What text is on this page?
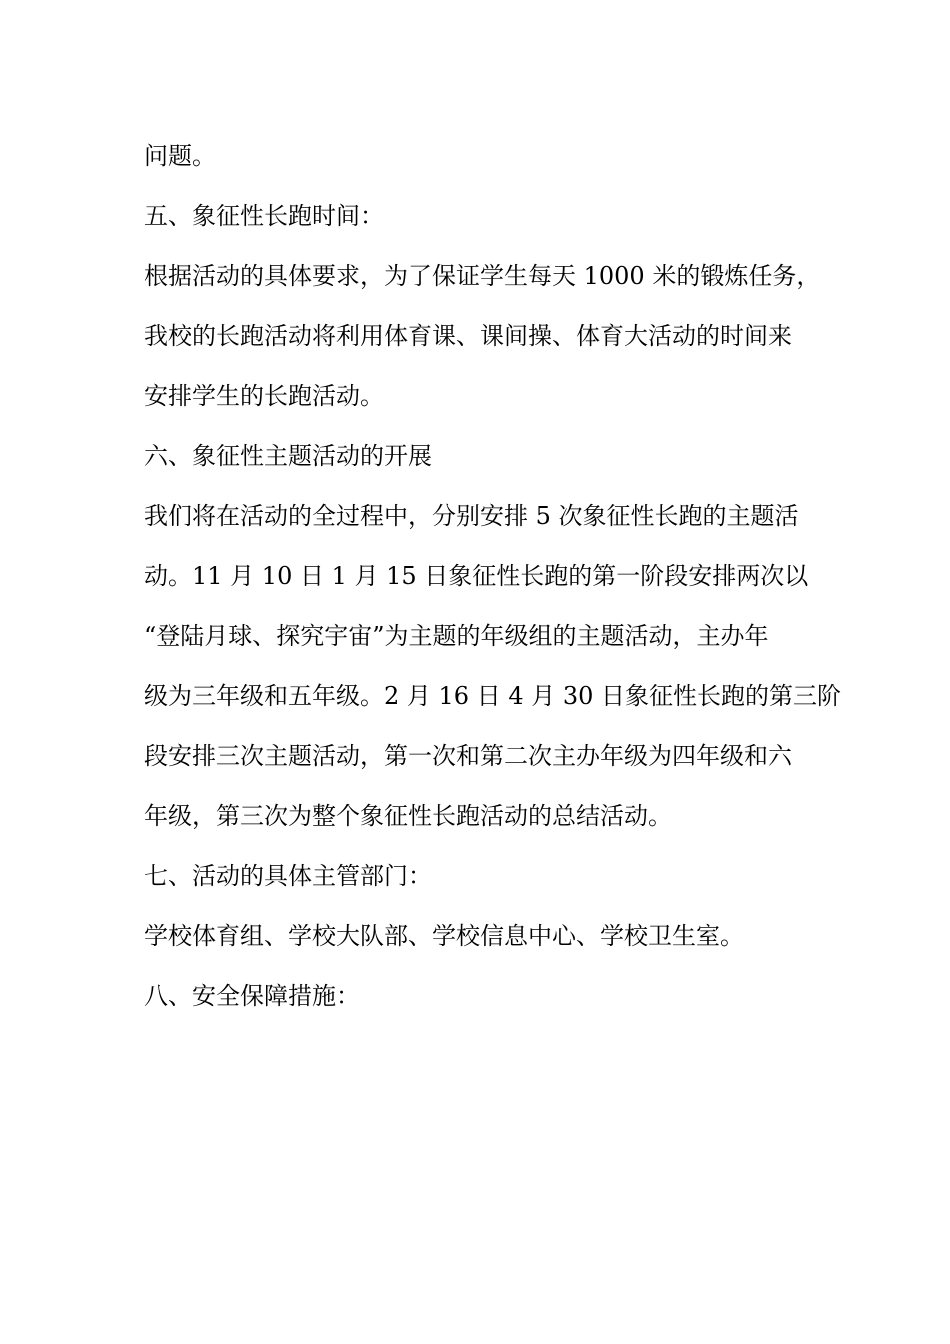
问题。
五、象征性长跑时间：
根据活动的具体要求，为了保证学生每天 1000 米的锻炼任务，
我校的长跑活动将利用体育课、课间操、体育大活动的时间来
安排学生的长跑活动。
六、象征性主题活动的开展
我们将在活动的全过程中，分别安排 5 次象征性长跑的主题活
动。11 月 10 日 1 月 15 日象征性长跑的第一阶段安排两次以
“登陆月球、探究宇宙”为主题的年级组的主题活动，主办年
级为三年级和五年级。2 月 16 日 4 月 30 日象征性长跑的第三阶
段安排三次主题活动，第一次和第二次主办年级为四年级和六
年级，第三次为整个象征性长跑活动的总结活动。
七、活动的具体主管部门：
学校体育组、学校大队部、学校信息中心、学校卫生室。
八、安全保障措施：
